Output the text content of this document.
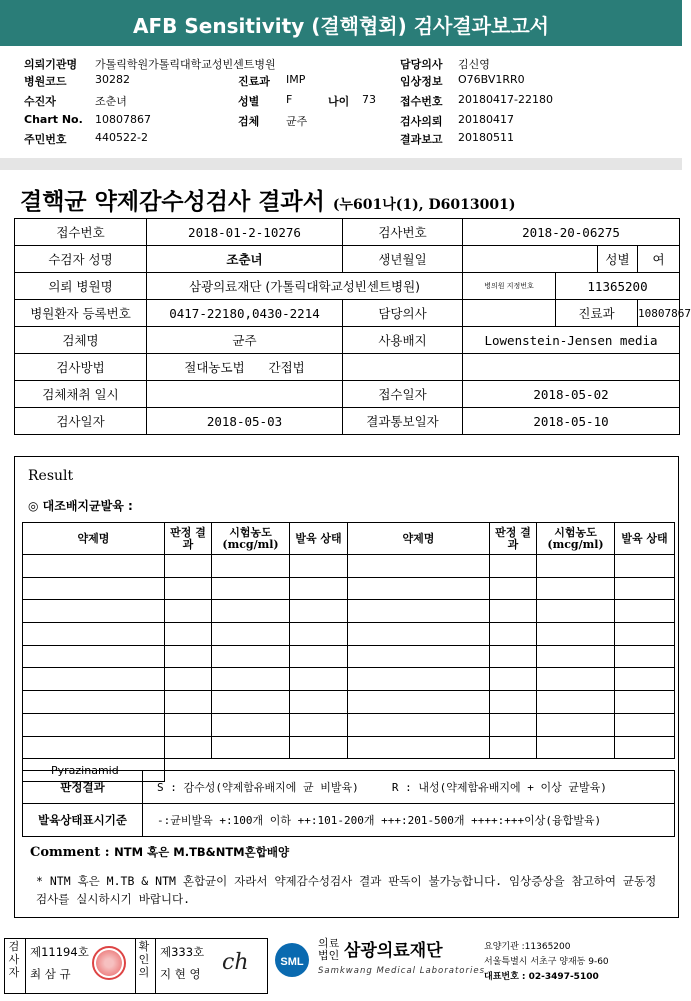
AFB Sensitivity (결핵협회) 검사결과보고서
의뢰기관명 가톨릭학원가톨릭대학교성빈센트병원	담당의사 김신영
병원코드	30282	진료과 IMP	임상정보 O76BV1RR0
수진자	조춘녀	성별 F	나이 73 접수번호 20180417-22180
Chart No. 10807867	검체 균주	검사의뢰 20180417
주민번호	440522-2	결과보고 20180511
결핵균 약제감수성검사 결과서 (누601나(1), D6013001)
접수번호	2018-01-2-10276	검사번호	2018-20-06275			
수검자 성명	조춘녀	생년월일			성별	여
의뢰 병원명	삼광의료재단 (가톨릭대학교성빈센트병원)		병의원 지정번호	11365200		
병원환자 등록번호	0417-22180,0430-2214	담당의사		진료과		10807867
검체명	균주	사용배지	Lowenstein-Jensen media			
검사방법	절대농도법 간접법					
검체채취 일시		접수일자	2018-05-02			
검사일자	2018-05-03	결과통보일자	2018-05-10			
Result
◎ 대조배지균발육 :
약제명	판정 결과	시험농도 (mcg/ml)	발육 상태	약제명	판정 결과	시험농도 (mcg/ml)	발육 상태

Pyrazinamid							
판정결과	S : 감수성(약제함유배지에 균 비발육) R : 내성(약제함유배지에 + 이상 균발육)
발육상태표시기준	-:균비발육 +:100개 이하 ++:101-200개 +++:201-500개 ++++:+++이상(융합발육)
Comment : NTM 혹은 M.TB&NTM혼합배양
* NTM 혹은 M.TB & NTM 혼합균이 자라서 약제감수성검사 결과 판독이 불가능합니다. 임상증상을 참고하여 균동정검사를 실시하시기 바랍니다.
검사자
제11194호
최 삼 규
확인의
제333호
지 현 영 ch	SML
의료 법인 삼광의료재단
Samkwang Medical Laboratories
요양기관 :11365200
서울특별시 서초구 양재동 9-60
대표번호 : 02-3497-5100
